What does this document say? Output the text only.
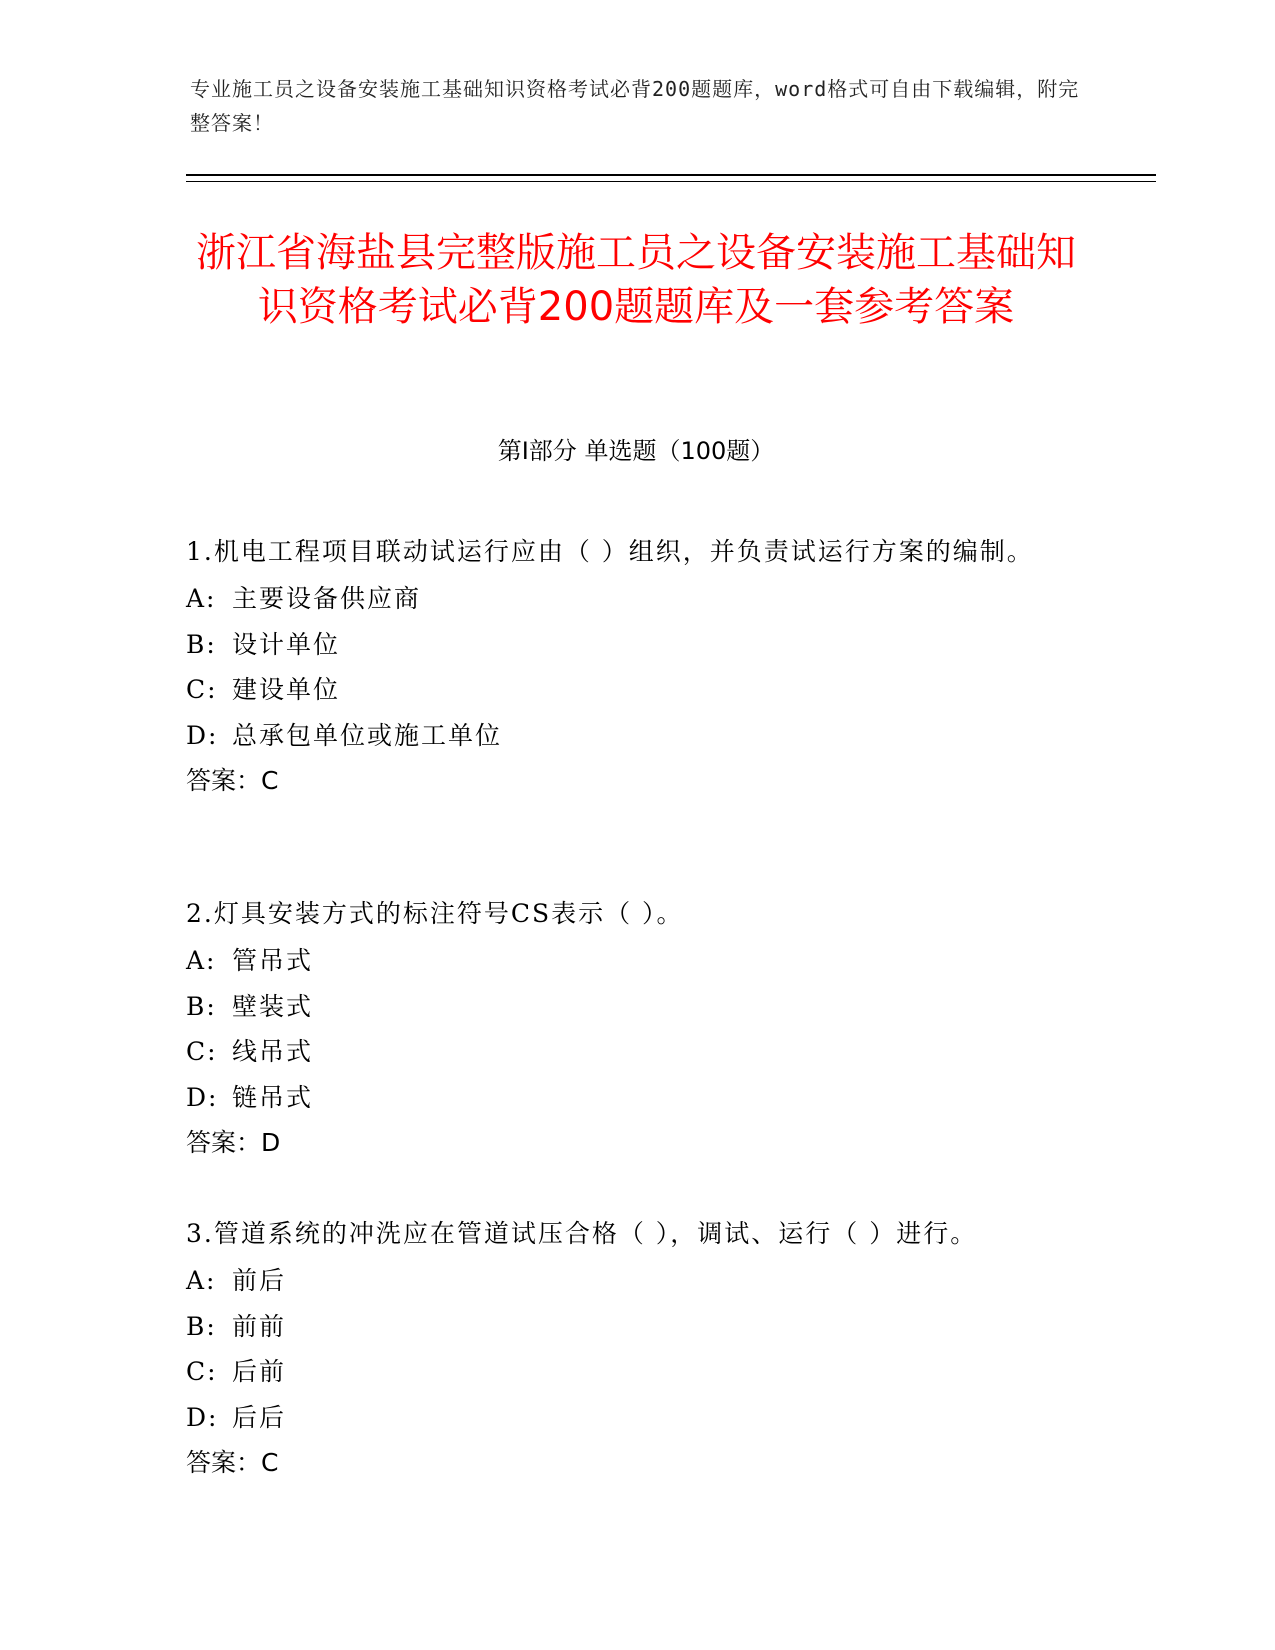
专业施工员之设备安装施工基础知识资格考试必背200题题库，word格式可自由下载编辑，附完整答案！
浙江省海盐县完整版施工员之设备安装施工基础知识资格考试必背200题题库及一套参考答案
第Ⅰ部分 单选题（100题）

1.机电工程项目联动试运行应由（ ）组织，并负责试运行方案的编制。

A: 主要设备供应商

B: 设计单位

C: 建设单位

D: 总承包单位或施工单位

答案：C

2.灯具安装方式的标注符号CS表示（ ）。

A: 管吊式

B: 壁装式

C: 线吊式

D: 链吊式

答案：D

3.管道系统的冲洗应在管道试压合格（ ），调试、运行（ ）进行。

A: 前后

B: 前前

C: 后前

D: 后后

答案：C
